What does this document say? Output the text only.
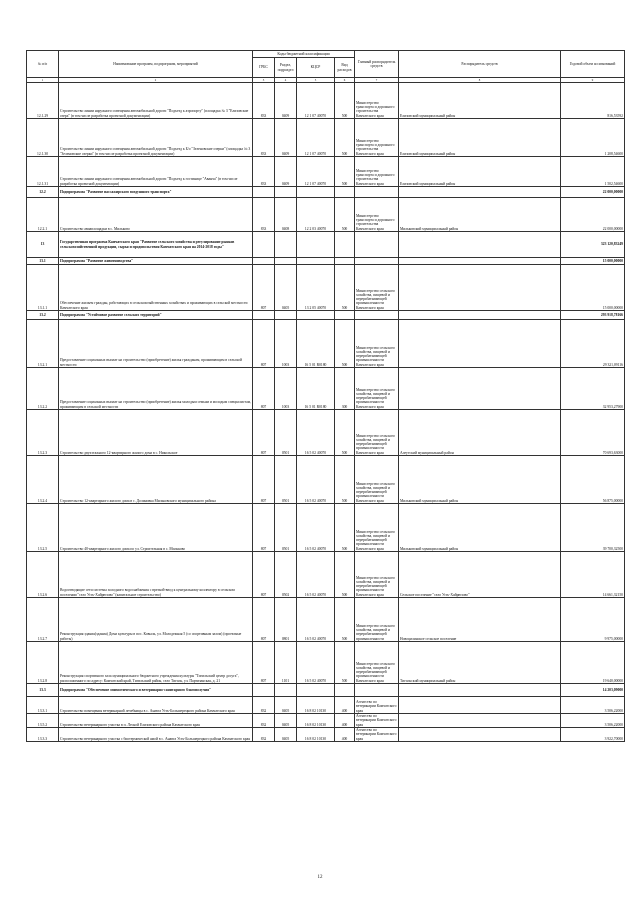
№ п/п	Наименование программ, подпрограмм, мероприятий	Коды бюджетной классификации				Главный распорядитель средств	Распорядитель средств	Годовой объем ассигнований
		ГРБС	Раздел, подраздел	КЦСР	Вид расходов			
1	2	3	4	5	6	7	8	9
12.1.29	Строительство линии наружного освещения автомобильной дороги "Подъезд к аэропорту" (площадка № 3 "Елизовские озера" (в том числе разработка проектной документации)	833	0409	12 1 07 40070	500	Министерство транспорта и дорожного строительства Камчатского края	Елизовский муниципальный район	816,53592
12.1.30	Строительство линии наружного освещения автомобильной дороги "Подъезд к Б/о "Зеленовские озерки" (площадка № 3 "Зеленовские озерки" (в том числе разработка проектной документации)	833	0409	12 1 07 40070	500	Министерство транспорта и дорожного строительства Камчатского края	Елизовский муниципальный район	1 208,54600
12.1.31	Строительство линии наружного освещения автомобильной дороги "Подъезд к гостинице "Аванча" (в том числе разработка проектной документации)	833	0409	12 1 07 40070	500	Министерство транспорта и дорожного строительства Камчатского края	Елизовский муниципальный район	1 502,54600
12.2	Подпрограмма "Развитие пассажирского воздушного транспорта"							22 000,00000
12.2.1	Строительство авиаплощадки в с. Мильково	833	0408	12 2 03 40070	500	Министерство транспорта и дорожного строительства Камчатского края	Мильковский муниципальный район	22 000,00000
13	Государственная программа Камчатского края "Развитие сельского хозяйства и регулирование рынков сельскохозяйственной продукции, сырья и продовольствия Камчатского края на 2014-2018 годы"							323 120,83249
13.1	Подпрограмма "Развитие животноводства"							15 000,00000
13.1.1	Обеспечение жильем граждан, работающих в сельскохозяйственных хозяйствах и проживающих в сельской местности Камчатского края	807	0405	13 2 05 40070	500	Министерство сельского хозяйства, пищевой и перерабатывающей промышленности Камчатского края		15 000,00000
13.2	Подпрограмма "Устойчивое развитие сельских территорий"							293 918,78166
13.2.1	Предоставление социальных выплат на строительство (приобретение) жилья гражданам, проживающим в сельской местности	807	1003	16 5 01 R0180	500	Министерство сельского хозяйства, пищевой и перерабатывающей промышленности Камчатского края		29 321,09116
13.2.2	Предоставление социальных выплат на строительство (приобретение) жилья молодым семьям и молодым специалистам, проживающим в сельской местности	807	1003	16 5 01 R0180	300	Министерство сельского хозяйства, пищевой и перерабатывающей промышленности Камчатского края		32 953,27900
13.2.3	Строительство двухэтажного 12-квартирного жилого дома в с. Никольское	807	0501	16 5 02 40070	500	Министерство сельского хозяйства, пищевой и перерабатывающей промышленности Камчатского края	Алеутский муниципальный район	70 693,63000
13.2.4	Строительство 12-квартирного жилого дома в с. Долиновка Мильковского муниципального района	807	0501	16 5 02 40070	500	Министерство сельского хозяйства, пищевой и перерабатывающей промышленности Камчатского края	Мильковский муниципальный район	56 875,00000
13.2.5	Строительство 40-квартирного жилого дома по ул. Строительная в с. Мильково	807	0501	16 5 02 40070	500	Министерство сельского хозяйства, пищевой и перерабатывающей промышленности Камчатского края	Мильковский муниципальный район	39 700,32500
13.2.6	Водоотводящие сети системы холодного водоснабжения с врезкой-ввод к центральному коллектору в сельском поселении "село Усть-Хайрюзово" (капитальное строительство)	807	0502	16 5 02 40070	500	Министерство сельского хозяйства, пищевой и перерабатывающей промышленности Камчатского края	Сельское поселение "село Усть-Хайрюзово"	14 661,32150
13.2.7	Реконструкция здания(здания) Дома культуры в пос. Ковыль, ул. Молодежная 5 (со спортивным залом) (проектные работы)	807	0801	16 5 02 40070	500	Министерство сельского хозяйства, пищевой и перерабатывающей промышленности	Новоцилинское сельское поселение	9 975,00000
13.2.8	Реконструкция спортивного зала муниципального бюджетного учреждения культуры "Тигильский центр досуга", расположенного по адресу: Камчатский край, Тигильский район, село Тигиль, ул. Партизанская, д. 21	807	1101	16 5 02 40070	500	Министерство сельского хозяйства, пищевой и перерабатывающей промышленности Камчатского края	Тигильский муниципальный район	19 640,00000
13.3	Подпрограмма "Обеспечение эпизоотического и ветеринарно-санитарного благополучия"							14 203,09000
13.3.1	Строительство помещения ветеринарной лечебницы в с. Анавга Усть-Большерецкого района Камчатского края	832	0405	16 8 02 10130	400	Агентство по ветеринарии Камчатского края		3 506,22000
13.5.2	Строительство ветеринарного участка в п. Лесной Елизовского района Камчатского края	832	0405	16 8 02 10130	400	Агентство по ветеринарии Камчатского края		3 506,22000
13.3.3	Строительство ветеринарного участка с биотермической ямой в с. Анавга Усть-Большерецкого района Камчатского края	832	0405	16 8 02 10130	400	Агентство по ветеринарии Камчатского края		3 922,70000
12
